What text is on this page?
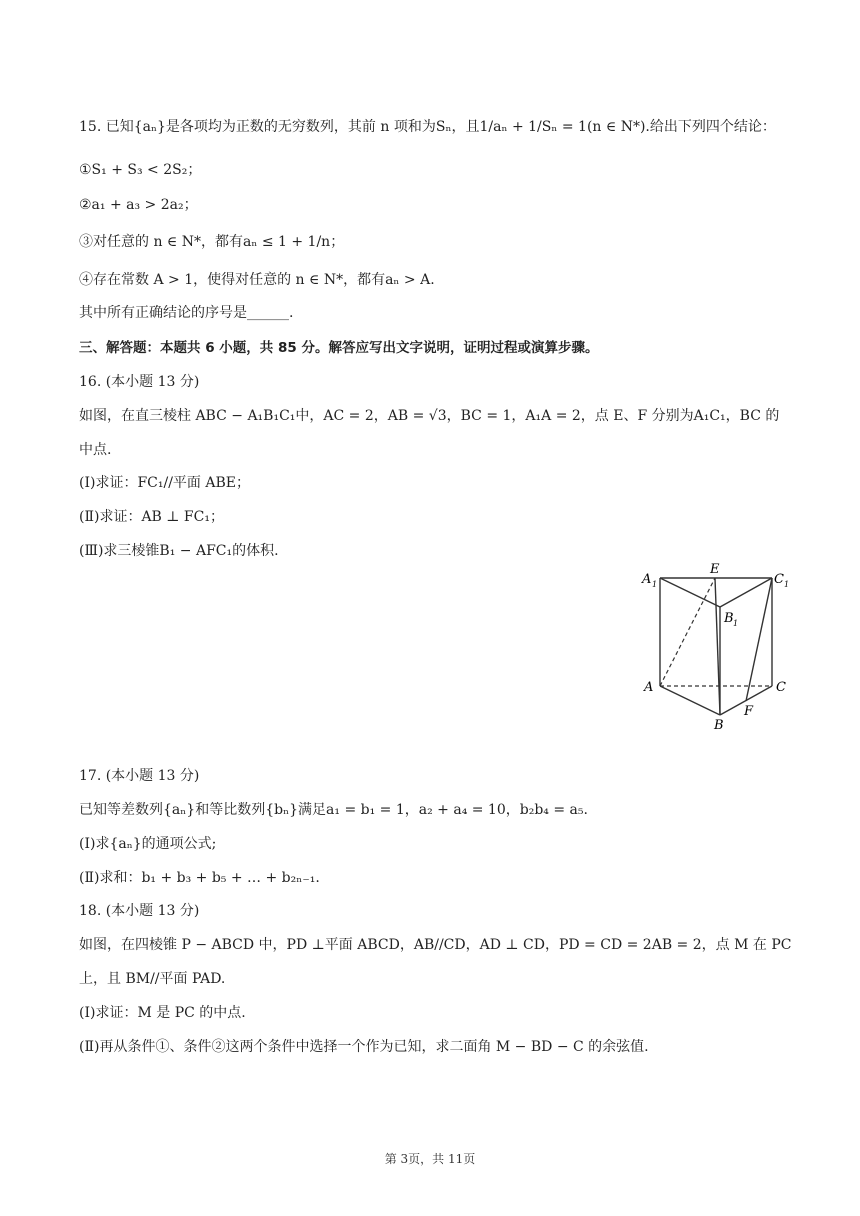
15. 已知{aₙ}是各项均为正数的无穷数列，其前 n 项和为Sₙ，且1/aₙ + 1/Sₙ = 1(n ∈ N*).给出下列四个结论：
①S₁ + S₃ < 2S₂；
②a₁ + a₃ > 2a₂；
③对任意的 n ∈ N*，都有aₙ ≤ 1 + 1/n；
④存在常数 A > 1，使得对任意的 n ∈ N*，都有aₙ > A.
其中所有正确结论的序号是______.
三、解答题：本题共 6 小题，共 85 分。解答应写出文字说明，证明过程或演算步骤。
16. (本小题 13 分)
如图，在直三棱柱 ABC − A₁B₁C₁中，AC = 2，AB = √3，BC = 1，A₁A = 2，点 E、F 分别为A₁C₁，BC 的
中点.
(Ⅰ)求证：FC₁//平面 ABE；
(Ⅱ)求证：AB ⊥ FC₁；
(Ⅲ)求三棱锥B₁ − AFC₁的体积.
A 1
E
C 1
B 1
A	C
B
F
17. (本小题 13 分)
已知等差数列{aₙ}和等比数列{bₙ}满足a₁ = b₁ = 1，a₂ + a₄ = 10，b₂b₄ = a₅.
(Ⅰ)求{aₙ}的通项公式;
(Ⅱ)求和：b₁ + b₃ + b₅ + … + b₂ₙ₋₁.
18. (本小题 13 分)
如图，在四棱锥 P − ABCD 中，PD ⊥平面 ABCD，AB//CD，AD ⊥ CD，PD = CD = 2AB = 2，点 M 在 PC
上，且 BM//平面 PAD.
(Ⅰ)求证：M 是 PC 的中点.
(Ⅱ)再从条件①、条件②这两个条件中选择一个作为已知，求二面角 M − BD − C 的余弦值.
第 3页，共 11页
